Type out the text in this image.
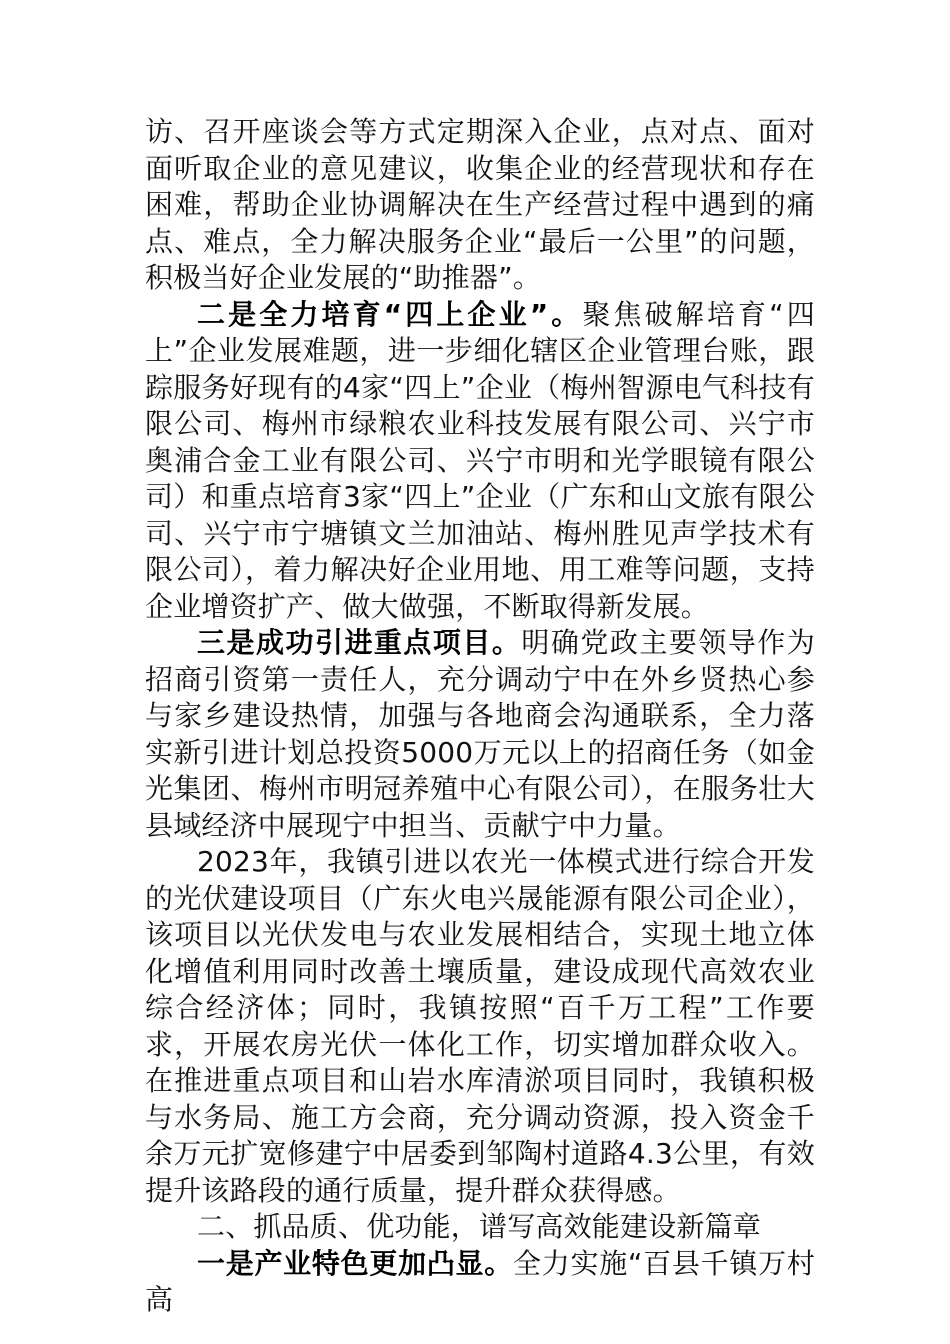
访、召开座谈会等方式定期深入企业，点对点、面对面听取企业的意见建议，收集企业的经营现状和存在困难，帮助企业协调解决在生产经营过程中遇到的痛点、难点，全力解决服务企业“最后一公里”的问题，积极当好企业发展的“助推器”。

二是全力培育“四上企业”。聚焦破解培育“四上”企业发展难题，进一步细化辖区企业管理台账，跟踪服务好现有的4家“四上”企业（梅州智源电气科技有限公司、梅州市绿粮农业科技发展有限公司、兴宁市奥浦合金工业有限公司、兴宁市明和光学眼镜有限公司）和重点培育3家“四上”企业（广东和山文旅有限公司、兴宁市宁塘镇文兰加油站、梅州胜见声学技术有限公司），着力解决好企业用地、用工难等问题，支持企业增资扩产、做大做强，不断取得新发展。

三是成功引进重点项目。明确党政主要领导作为招商引资第一责任人，充分调动宁中在外乡贤热心参与家乡建设热情，加强与各地商会沟通联系，全力落实新引进计划总投资5000万元以上的招商任务（如金光集团、梅州市明冠养殖中心有限公司），在服务壮大县域经济中展现宁中担当、贡献宁中力量。

2023年，我镇引进以农光一体模式进行综合开发的光伏建设项目（广东火电兴晟能源有限公司企业），该项目以光伏发电与农业发展相结合，实现土地立体化增值利用同时改善土壤质量，建设成现代高效农业综合经济体；同时，我镇按照“百千万工程”工作要求，开展农房光伏一体化工作，切实增加群众收入。在推进重点项目和山岩水库清淤项目同时，我镇积极与水务局、施工方会商，充分调动资源，投入资金千余万元扩宽修建宁中居委到邹陶村道路4.3公里，有效提升该路段的通行质量，提升群众获得感。

二、抓品质、优功能，谱写高效能建设新篇章

一是产业特色更加凸显。全力实施“百县千镇万村高
